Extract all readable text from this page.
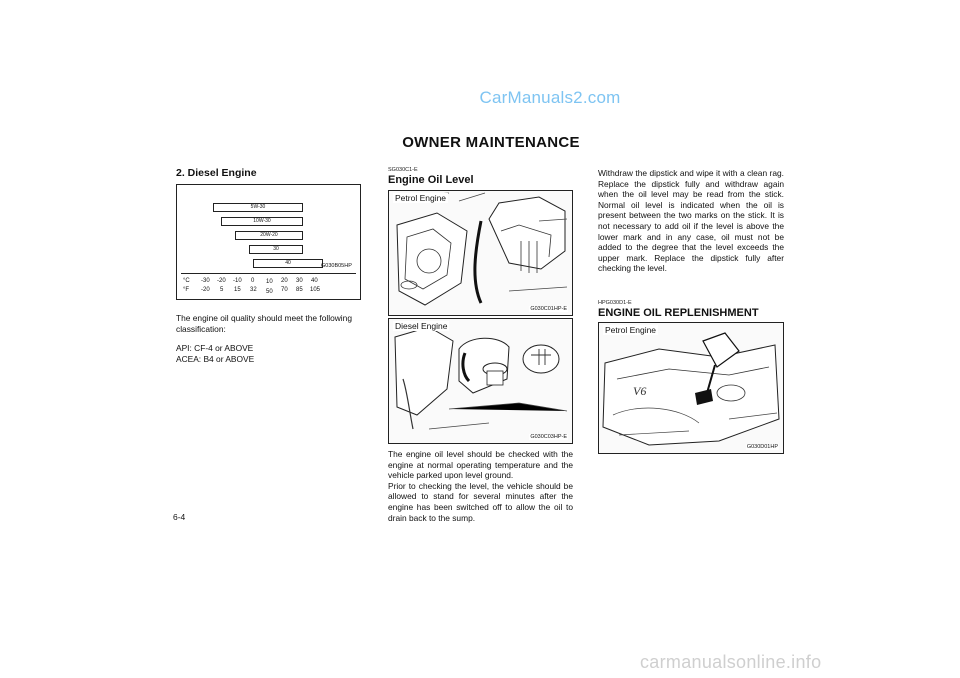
CarManuals2.com
OWNER MAINTENANCE
2. Diesel Engine
5W-30
10W-30
20W-20
30
40	G030B05HP
°C
°F
-30 -20 -10 0 10 20 30 40
-20 5 15 32 50 70 85 105
The engine oil quality should meet the following classification:
API: CF-4 or ABOVE
ACEA: B4 or ABOVE
6-4
SG030C1-E
Engine Oil Level
Petrol Engine
G030C01HP-E
Diesel Engine
G030C03HP-E
The engine oil level should be checked with the engine at normal operating temperature and the vehicle parked upon level ground.
Prior to checking the level, the vehicle should be allowed to stand for several minutes after the engine has been switched off to allow the oil to drain back to the sump.
Withdraw the dipstick and wipe it with a clean rag. Replace the dipstick fully and withdraw again when the oil level may be read from the stick. Normal oil level is indicated when the oil is present between the two marks on the stick. It is not necessary to add oil if the level is above the lower mark and in any case, oil must not be added to the degree that the level exceeds the upper mark. Replace the dipstick fully after checking the level.
HPG030D1-E
ENGINE OIL REPLENISHMENT
V6
Petrol Engine
G030D01HP
carmanualsonline.info
